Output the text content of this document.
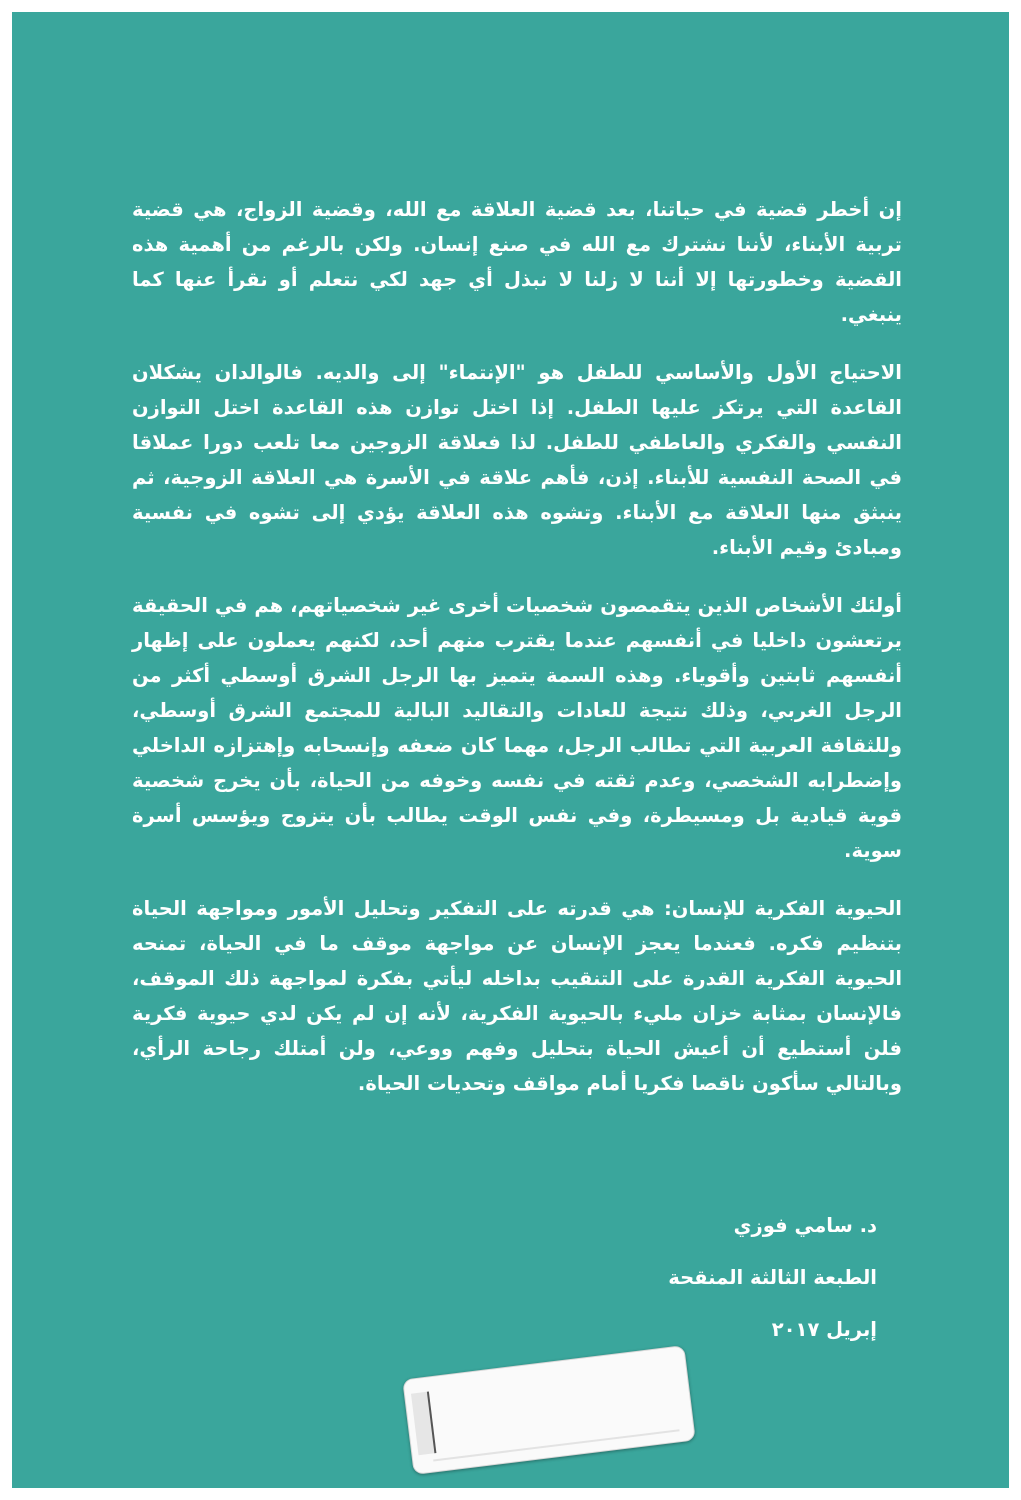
إن أخطر قضية في حياتنا، بعد قضية العلاقة مع الله، وقضية الزواج، هي قضية تربية الأبناء، لأننا نشترك مع الله في صنع إنسان. ولكن بالرغم من أهمية هذه القضية وخطورتها إلا أننا لا زلنا لا نبذل أي جهد لكي نتعلم أو نقرأ عنها كما ينبغي.

الاحتياج الأول والأساسي للطفل هو "الإنتماء" إلى والديه. فالوالدان يشكلان القاعدة التي يرتكز عليها الطفل. إذا اختل توازن هذه القاعدة اختل التوازن النفسي والفكري والعاطفي للطفل. لذا فعلاقة الزوجين معا تلعب دورا عملاقا في الصحة النفسية للأبناء. إذن، فأهم علاقة في الأسرة هي العلاقة الزوجية، ثم ينبثق منها العلاقة مع الأبناء. وتشوه هذه العلاقة يؤدي إلى تشوه في نفسية ومبادئ وقيم الأبناء.

أولئك الأشخاص الذين يتقمصون شخصيات أخرى غير شخصياتهم، هم في الحقيقة يرتعشون داخليا في أنفسهم عندما يقترب منهم أحد، لكنهم يعملون على إظهار أنفسهم ثابتين وأقوياء. وهذه السمة يتميز بها الرجل الشرق أوسطي أكثر من الرجل الغربي، وذلك نتيجة للعادات والتقاليد البالية للمجتمع الشرق أوسطي، وللثقافة العربية التي تطالب الرجل، مهما كان ضعفه وإنسحابه وإهتزازه الداخلي وإضطرابه الشخصي، وعدم ثقته في نفسه وخوفه من الحياة، بأن يخرج شخصية قوية قيادية بل ومسيطرة، وفي نفس الوقت يطالب بأن يتزوج ويؤسس أسرة سوية.

الحيوية الفكرية للإنسان: هي قدرته على التفكير وتحليل الأمور ومواجهة الحياة بتنظيم فكره. فعندما يعجز الإنسان عن مواجهة موقف ما في الحياة، تمنحه الحيوية الفكرية القدرة على التنقيب بداخله ليأتي بفكرة لمواجهة ذلك الموقف، فالإنسان بمثابة خزان مليء بالحيوية الفكرية، لأنه إن لم يكن لدي حيوية فكرية فلن أستطيع أن أعيش الحياة بتحليل وفهم ووعي، ولن أمتلك رجاحة الرأي، وبالتالي سأكون ناقصا فكريا أمام مواقف وتحديات الحياة.

د. سامي فوزي
الطبعة الثالثة المنقحة
إبريل ٢٠١٧
